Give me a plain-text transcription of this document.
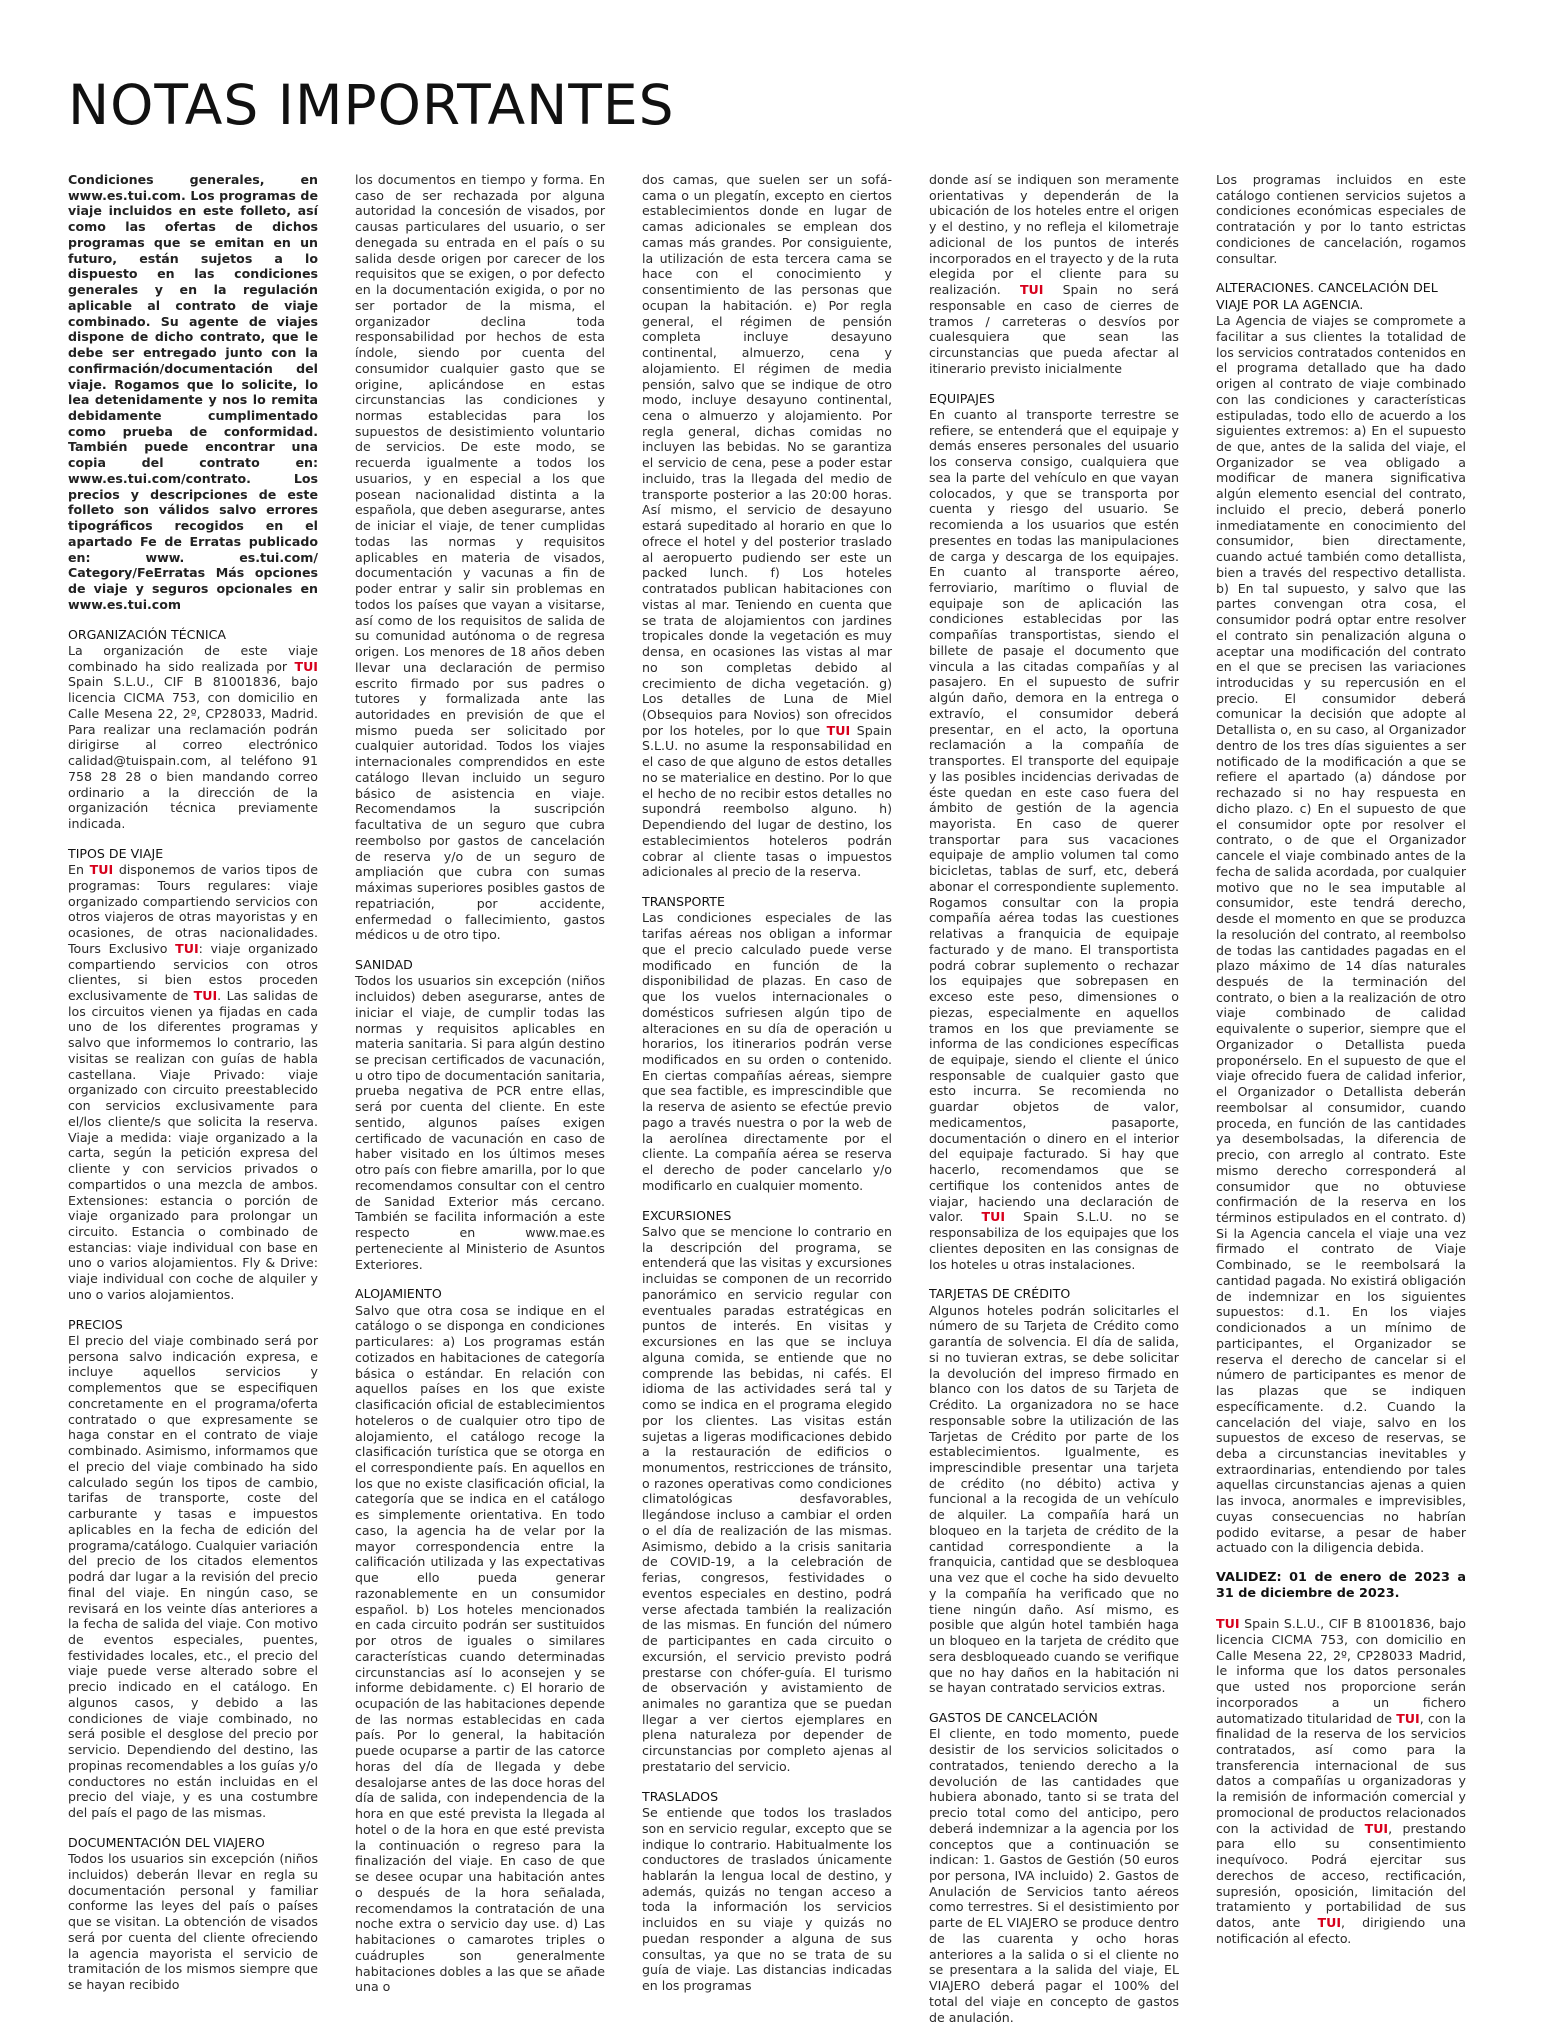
NOTAS IMPORTANTES

Condiciones generales, en www.es.tui.com. Los programas de viaje incluidos en este folleto, así como las ofertas de dichos programas que se emitan en un futuro, están sujetos a lo dispuesto en las condiciones generales y en la regulación aplicable al contrato de viaje combinado. Su agente de viajes dispone de dicho contrato, que le debe ser entregado junto con la confirmación/documentación del viaje. Rogamos que lo solicite, lo lea detenidamente y nos lo remita debidamente cumplimentado como prueba de conformidad. También puede encontrar una copia del contrato en: www.es.tui.com/contrato. Los precios y descripciones de este folleto son válidos salvo errores tipográficos recogidos en el apartado Fe de Erratas publicado en: www. es.tui.com/ Category/FeErratas Más opciones de viaje y seguros opcionales en www.es.tui.com

ORGANIZACIÓN TÉCNICA

La organización de este viaje combinado ha sido realizada por TUI Spain S.L.U., CIF B 81001836, bajo licencia CICMA 753, con domicilio en Calle Mesena 22, 2º, CP28033, Madrid. Para realizar una reclamación podrán dirigirse al correo electrónico calidad@tuispain.com, al teléfono 91 758 28 28 o bien mandando correo ordinario a la dirección de la organización técnica previamente indicada.

TIPOS DE VIAJE

En TUI disponemos de varios tipos de programas: Tours regulares: viaje organizado compartiendo servicios con otros viajeros de otras mayoristas y en ocasiones, de otras nacionalidades. Tours Exclusivo TUI: viaje organizado compartiendo servicios con otros clientes, si bien estos proceden exclusivamente de TUI. Las salidas de los circuitos vienen ya fijadas en cada uno de los diferentes programas y salvo que informemos lo contrario, las visitas se realizan con guías de habla castellana. Viaje Privado: viaje organizado con circuito preestablecido con servicios exclusivamente para el/los cliente/s que solicita la reserva. Viaje a medida: viaje organizado a la carta, según la petición expresa del cliente y con servicios privados o compartidos o una mezcla de ambos. Extensiones: estancia o porción de viaje organizado para prolongar un circuito. Estancia o combinado de estancias: viaje individual con base en uno o varios alojamientos. Fly & Drive: viaje individual con coche de alquiler y uno o varios alojamientos.

PRECIOS

El precio del viaje combinado será por persona salvo indicación expresa, e incluye aquellos servicios y complementos que se especifiquen concretamente en el programa/oferta contratado o que expresamente se haga constar en el contrato de viaje combinado. Asimismo, informamos que el precio del viaje combinado ha sido calculado según los tipos de cambio, tarifas de transporte, coste del carburante y tasas e impuestos aplicables en la fecha de edición del programa/catálogo. Cualquier variación del precio de los citados elementos podrá dar lugar a la revisión del precio final del viaje. En ningún caso, se revisará en los veinte días anteriores a la fecha de salida del viaje. Con motivo de eventos especiales, puentes, festividades locales, etc., el precio del viaje puede verse alterado sobre el precio indicado en el catálogo. En algunos casos, y debido a las condiciones de viaje combinado, no será posible el desglose del precio por servicio. Dependiendo del destino, las propinas recomendables a los guías y/o conductores no están incluidas en el precio del viaje, y es una costumbre del país el pago de las mismas.

DOCUMENTACIÓN DEL VIAJERO

Todos los usuarios sin excepción (niños incluidos) deberán llevar en regla su documentación personal y familiar conforme las leyes del país o países que se visitan. La obtención de visados será por cuenta del cliente ofreciendo la agencia mayorista el servicio de tramitación de los mismos siempre que se hayan recibido

los documentos en tiempo y forma. En caso de ser rechazada por alguna autoridad la concesión de visados, por causas particulares del usuario, o ser denegada su entrada en el país o su salida desde origen por carecer de los requisitos que se exigen, o por defecto en la documentación exigida, o por no ser portador de la misma, el organizador declina toda responsabilidad por hechos de esta índole, siendo por cuenta del consumidor cualquier gasto que se origine, aplicándose en estas circunstancias las condiciones y normas establecidas para los supuestos de desistimiento voluntario de servicios. De este modo, se recuerda igualmente a todos los usuarios, y en especial a los que posean nacionalidad distinta a la española, que deben asegurarse, antes de iniciar el viaje, de tener cumplidas todas las normas y requisitos aplicables en materia de visados, documentación y vacunas a fin de poder entrar y salir sin problemas en todos los países que vayan a visitarse, así como de los requisitos de salida de su comunidad autónoma o de regresa origen. Los menores de 18 años deben llevar una declaración de permiso escrito firmado por sus padres o tutores y formalizada ante las autoridades en previsión de que el mismo pueda ser solicitado por cualquier autoridad. Todos los viajes internacionales comprendidos en este catálogo llevan incluido un seguro básico de asistencia en viaje. Recomendamos la suscripción facultativa de un seguro que cubra reembolso por gastos de cancelación de reserva y/o de un seguro de ampliación que cubra con sumas máximas superiores posibles gastos de repatriación, por accidente, enfermedad o fallecimiento, gastos médicos u de otro tipo.

SANIDAD

Todos los usuarios sin excepción (niños incluidos) deben asegurarse, antes de iniciar el viaje, de cumplir todas las normas y requisitos aplicables en materia sanitaria. Si para algún destino se precisan certificados de vacunación, u otro tipo de documentación sanitaria, prueba negativa de PCR entre ellas, será por cuenta del cliente. En este sentido, algunos países exigen certificado de vacunación en caso de haber visitado en los últimos meses otro país con fiebre amarilla, por lo que recomendamos consultar con el centro de Sanidad Exterior más cercano. También se facilita información a este respecto en www.mae.es perteneciente al Ministerio de Asuntos Exteriores.

ALOJAMIENTO

Salvo que otra cosa se indique en el catálogo o se disponga en condiciones particulares: a) Los programas están cotizados en habitaciones de categoría básica o estándar. En relación con aquellos países en los que existe clasificación oficial de establecimientos hoteleros o de cualquier otro tipo de alojamiento, el catálogo recoge la clasificación turística que se otorga en el correspondiente país. En aquellos en los que no existe clasificación oficial, la categoría que se indica en el catálogo es simplemente orientativa. En todo caso, la agencia ha de velar por la mayor correspondencia entre la calificación utilizada y las expectativas que ello pueda generar razonablemente en un consumidor español. b) Los hoteles mencionados en cada circuito podrán ser sustituidos por otros de iguales o similares características cuando determinadas circunstancias así lo aconsejen y se informe debidamente. c) El horario de ocupación de las habitaciones depende de las normas establecidas en cada país. Por lo general, la habitación puede ocuparse a partir de las catorce horas del día de llegada y debe desalojarse antes de las doce horas del día de salida, con independencia de la hora en que esté prevista la llegada al hotel o de la hora en que esté prevista la continuación o regreso para la finalización del viaje. En caso de que se desee ocupar una habitación antes o después de la hora señalada, recomendamos la contratación de una noche extra o servicio day use. d) Las habitaciones o camarotes triples o cuádruples son generalmente habitaciones dobles a las que se añade una o

dos camas, que suelen ser un sofá-cama o un plegatín, excepto en ciertos establecimientos donde en lugar de camas adicionales se emplean dos camas más grandes. Por consiguiente, la utilización de esta tercera cama se hace con el conocimiento y consentimiento de las personas que ocupan la habitación. e) Por regla general, el régimen de pensión completa incluye desayuno continental, almuerzo, cena y alojamiento. El régimen de media pensión, salvo que se indique de otro modo, incluye desayuno continental, cena o almuerzo y alojamiento. Por regla general, dichas comidas no incluyen las bebidas. No se garantiza el servicio de cena, pese a poder estar incluido, tras la llegada del medio de transporte posterior a las 20:00 horas. Así mismo, el servicio de desayuno estará supeditado al horario en que lo ofrece el hotel y del posterior traslado al aeropuerto pudiendo ser este un packed lunch. f) Los hoteles contratados publican habitaciones con vistas al mar. Teniendo en cuenta que se trata de alojamientos con jardines tropicales donde la vegetación es muy densa, en ocasiones las vistas al mar no son completas debido al crecimiento de dicha vegetación. g) Los detalles de Luna de Miel (Obsequios para Novios) son ofrecidos por los hoteles, por lo que TUI Spain S.L.U. no asume la responsabilidad en el caso de que alguno de estos detalles no se materialice en destino. Por lo que el hecho de no recibir estos detalles no supondrá reembolso alguno. h) Dependiendo del lugar de destino, los establecimientos hoteleros podrán cobrar al cliente tasas o impuestos adicionales al precio de la reserva.

TRANSPORTE

Las condiciones especiales de las tarifas aéreas nos obligan a informar que el precio calculado puede verse modificado en función de la disponibilidad de plazas. En caso de que los vuelos internacionales o domésticos sufriesen algún tipo de alteraciones en su día de operación u horarios, los itinerarios podrán verse modificados en su orden o contenido. En ciertas compañías aéreas, siempre que sea factible, es imprescindible que la reserva de asiento se efectúe previo pago a través nuestra o por la web de la aerolínea directamente por el cliente. La compañía aérea se reserva el derecho de poder cancelarlo y/o modificarlo en cualquier momento.

EXCURSIONES

Salvo que se mencione lo contrario en la descripción del programa, se entenderá que las visitas y excursiones incluidas se componen de un recorrido panorámico en servicio regular con eventuales paradas estratégicas en puntos de interés. En visitas y excursiones en las que se incluya alguna comida, se entiende que no comprende las bebidas, ni cafés. El idioma de las actividades será tal y como se indica en el programa elegido por los clientes. Las visitas están sujetas a ligeras modificaciones debido a la restauración de edificios o monumentos, restricciones de tránsito, o razones operativas como condiciones climatológicas desfavorables, llegándose incluso a cambiar el orden o el día de realización de las mismas. Asimismo, debido a la crisis sanitaria de COVID-19, a la celebración de ferias, congresos, festividades o eventos especiales en destino, podrá verse afectada también la realización de las mismas. En función del número de participantes en cada circuito o excursión, el servicio previsto podrá prestarse con chófer-guía. El turismo de observación y avistamiento de animales no garantiza que se puedan llegar a ver ciertos ejemplares en plena naturaleza por depender de circunstancias por completo ajenas al prestatario del servicio.

TRASLADOS

Se entiende que todos los traslados son en servicio regular, excepto que se indique lo contrario. Habitualmente los conductores de traslados únicamente hablarán la lengua local de destino, y además, quizás no tengan acceso a toda la información los servicios incluidos en su viaje y quizás no puedan responder a alguna de sus consultas, ya que no se trata de su guía de viaje. Las distancias indicadas en los programas

donde así se indiquen son meramente orientativas y dependerán de la ubicación de los hoteles entre el origen y el destino, y no refleja el kilometraje adicional de los puntos de interés incorporados en el trayecto y de la ruta elegida por el cliente para su realización. TUI Spain no será responsable en caso de cierres de tramos / carreteras o desvíos por cualesquiera que sean las circunstancias que pueda afectar al itinerario previsto inicialmente

EQUIPAJES

En cuanto al transporte terrestre se refiere, se entenderá que el equipaje y demás enseres personales del usuario los conserva consigo, cualquiera que sea la parte del vehículo en que vayan colocados, y que se transporta por cuenta y riesgo del usuario. Se recomienda a los usuarios que estén presentes en todas las manipulaciones de carga y descarga de los equipajes. En cuanto al transporte aéreo, ferroviario, marítimo o fluvial de equipaje son de aplicación las condiciones establecidas por las compañías transportistas, siendo el billete de pasaje el documento que vincula a las citadas compañías y al pasajero. En el supuesto de sufrir algún daño, demora en la entrega o extravío, el consumidor deberá presentar, en el acto, la oportuna reclamación a la compañía de transportes. El transporte del equipaje y las posibles incidencias derivadas de éste quedan en este caso fuera del ámbito de gestión de la agencia mayorista. En caso de querer transportar para sus vacaciones equipaje de amplio volumen tal como bicicletas, tablas de surf, etc, deberá abonar el correspondiente suplemento. Rogamos consultar con la propia compañía aérea todas las cuestiones relativas a franquicia de equipaje facturado y de mano. El transportista podrá cobrar suplemento o rechazar los equipajes que sobrepasen en exceso este peso, dimensiones o piezas, especialmente en aquellos tramos en los que previamente se informa de las condiciones específicas de equipaje, siendo el cliente el único responsable de cualquier gasto que esto incurra. Se recomienda no guardar objetos de valor, medicamentos, pasaporte, documentación o dinero en el interior del equipaje facturado. Si hay que hacerlo, recomendamos que se certifique los contenidos antes de viajar, haciendo una declaración de valor. TUI Spain S.L.U. no se responsabiliza de los equipajes que los clientes depositen en las consignas de los hoteles u otras instalaciones.

TARJETAS DE CRÉDITO

Algunos hoteles podrán solicitarles el número de su Tarjeta de Crédito como garantía de solvencia. El día de salida, si no tuvieran extras, se debe solicitar la devolución del impreso firmado en blanco con los datos de su Tarjeta de Crédito. La organizadora no se hace responsable sobre la utilización de las Tarjetas de Crédito por parte de los establecimientos. Igualmente, es imprescindible presentar una tarjeta de crédito (no débito) activa y funcional a la recogida de un vehículo de alquiler. La compañía hará un bloqueo en la tarjeta de crédito de la cantidad correspondiente a la franquicia, cantidad que se desbloquea una vez que el coche ha sido devuelto y la compañía ha verificado que no tiene ningún daño. Así mismo, es posible que algún hotel también haga un bloqueo en la tarjeta de crédito que sera desbloqueado cuando se verifique que no hay daños en la habitación ni se hayan contratado servicios extras.

GASTOS DE CANCELACIÓN

El cliente, en todo momento, puede desistir de los servicios solicitados o contratados, teniendo derecho a la devolución de las cantidades que hubiera abonado, tanto si se trata del precio total como del anticipo, pero deberá indemnizar a la agencia por los conceptos que a continuación se indican: 1. Gastos de Gestión (50 euros por persona, IVA incluido) 2. Gastos de Anulación de Servicios tanto aéreos como terrestres. Si el desistimiento por parte de EL VIAJERO se produce dentro de las cuarenta y ocho horas anteriores a la salida o si el cliente no se presentara a la salida del viaje, EL VIAJERO deberá pagar el 100% del total del viaje en concepto de gastos de anulación.

Los programas incluidos en este catálogo contienen servicios sujetos a condiciones económicas especiales de contratación y por lo tanto estrictas condiciones de cancelación, rogamos consultar.

ALTERACIONES. CANCELACIÓN DEL VIAJE POR LA AGENCIA.

La Agencia de viajes se compromete a facilitar a sus clientes la totalidad de los servicios contratados contenidos en el programa detallado que ha dado origen al contrato de viaje combinado con las condiciones y características estipuladas, todo ello de acuerdo a los siguientes extremos: a) En el supuesto de que, antes de la salida del viaje, el Organizador se vea obligado a modificar de manera significativa algún elemento esencial del contrato, incluido el precio, deberá ponerlo inmediatamente en conocimiento del consumidor, bien directamente, cuando actué también como detallista, bien a través del respectivo detallista. b) En tal supuesto, y salvo que las partes convengan otra cosa, el consumidor podrá optar entre resolver el contrato sin penalización alguna o aceptar una modificación del contrato en el que se precisen las variaciones introducidas y su repercusión en el precio. El consumidor deberá comunicar la decisión que adopte al Detallista o, en su caso, al Organizador dentro de los tres días siguientes a ser notificado de la modificación a que se refiere el apartado (a) dándose por rechazado si no hay respuesta en dicho plazo. c) En el supuesto de que el consumidor opte por resolver el contrato, o de que el Organizador cancele el viaje combinado antes de la fecha de salida acordada, por cualquier motivo que no le sea imputable al consumidor, este tendrá derecho, desde el momento en que se produzca la resolución del contrato, al reembolso de todas las cantidades pagadas en el plazo máximo de 14 días naturales después de la terminación del contrato, o bien a la realización de otro viaje combinado de calidad equivalente o superior, siempre que el Organizador o Detallista pueda proponérselo. En el supuesto de que el viaje ofrecido fuera de calidad inferior, el Organizador o Detallista deberán reembolsar al consumidor, cuando proceda, en función de las cantidades ya desembolsadas, la diferencia de precio, con arreglo al contrato. Este mismo derecho corresponderá al consumidor que no obtuviese confirmación de la reserva en los términos estipulados en el contrato. d) Si la Agencia cancela el viaje una vez firmado el contrato de Viaje Combinado, se le reembolsará la cantidad pagada. No existirá obligación de indemnizar en los siguientes supuestos: d.1. En los viajes condicionados a un mínimo de participantes, el Organizador se reserva el derecho de cancelar si el número de participantes es menor de las plazas que se indiquen específicamente. d.2. Cuando la cancelación del viaje, salvo en los supuestos de exceso de reservas, se deba a circunstancias inevitables y extraordinarias, entendiendo por tales aquellas circunstancias ajenas a quien las invoca, anormales e imprevisibles, cuyas consecuencias no habrían podido evitarse, a pesar de haber actuado con la diligencia debida.

VALIDEZ: 01 de enero de 2023 a 31 de diciembre de 2023.

TUI Spain S.L.U., CIF B 81001836, bajo licencia CICMA 753, con domicilio en Calle Mesena 22, 2º, CP28033 Madrid, le informa que los datos personales que usted nos proporcione serán incorporados a un fichero automatizado titularidad de TUI, con la finalidad de la reserva de los servicios contratados, así como para la transferencia internacional de sus datos a compañías u organizadoras y la remisión de información comercial y promocional de productos relacionados con la actividad de TUI, prestando para ello su consentimiento inequívoco. Podrá ejercitar sus derechos de acceso, rectificación, supresión, oposición, limitación del tratamiento y portabilidad de sus datos, ante TUI, dirigiendo una notificación al efecto.
